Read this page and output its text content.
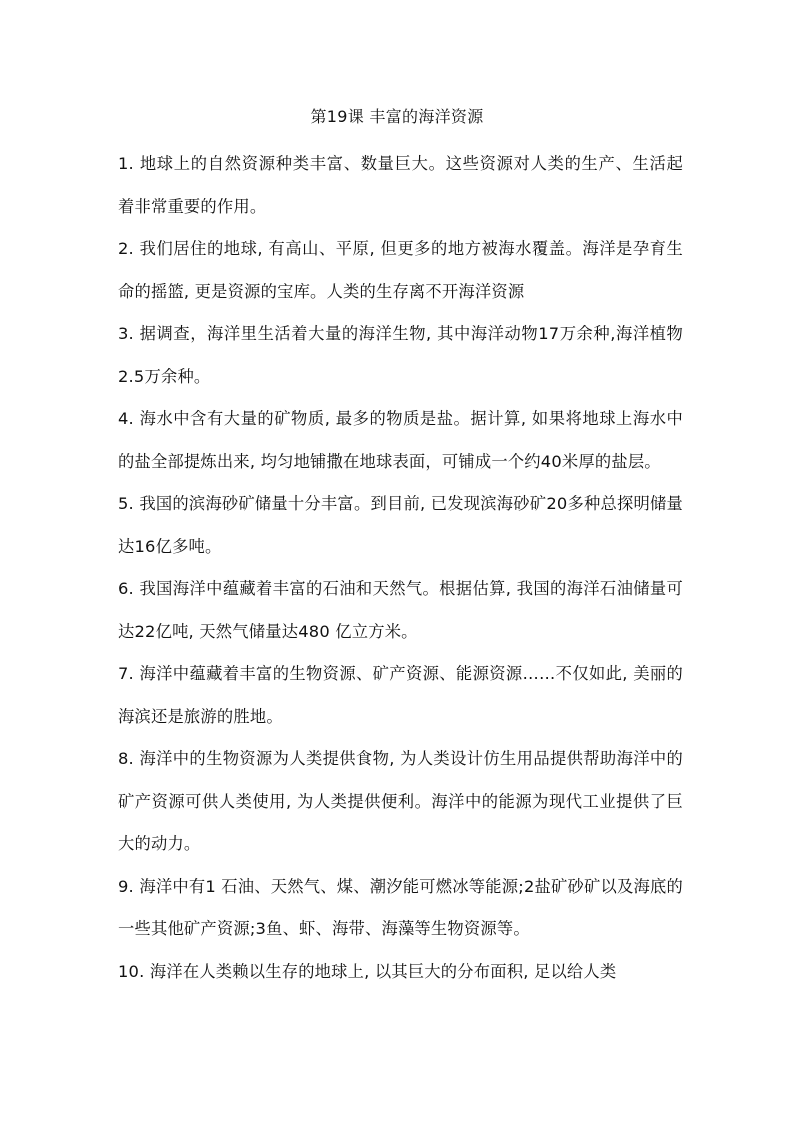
第19课 丰富的海洋资源

1. 地球上的自然资源种类丰富、数量巨大。这些资源对人类的生产、生活起着非常重要的作用。

2. 我们居住的地球, 有高山、平原, 但更多的地方被海水覆盖。海洋是孕育生命的摇篮, 更是资源的宝库。人类的生存离不开海洋资源

3. 据调查，海洋里生活着大量的海洋生物, 其中海洋动物17万余种,海洋植物2.5万余种。

4. 海水中含有大量的矿物质, 最多的物质是盐。据计算, 如果将地球上海水中的盐全部提炼出来, 均匀地铺撒在地球表面，可铺成一个约40米厚的盐层。

5. 我国的滨海砂矿储量十分丰富。到目前, 已发现滨海砂矿20多种总探明储量达16亿多吨。

6. 我国海洋中蕴藏着丰富的石油和天然气。根据估算, 我国的海洋石油储量可达22亿吨, 天然气储量达480 亿立方米。

7. 海洋中蕴藏着丰富的生物资源、矿产资源、能源资源……不仅如此, 美丽的海滨还是旅游的胜地。

8. 海洋中的生物资源为人类提供食物, 为人类设计仿生用品提供帮助海洋中的矿产资源可供人类使用, 为人类提供便利。海洋中的能源为现代工业提供了巨大的动力。

9. 海洋中有1 石油、天然气、煤、潮汐能可燃冰等能源;2盐矿砂矿以及海底的一些其他矿产资源;3鱼、虾、海带、海藻等生物资源等。

10. 海洋在人类赖以生存的地球上, 以其巨大的分布面积, 足以给人类
